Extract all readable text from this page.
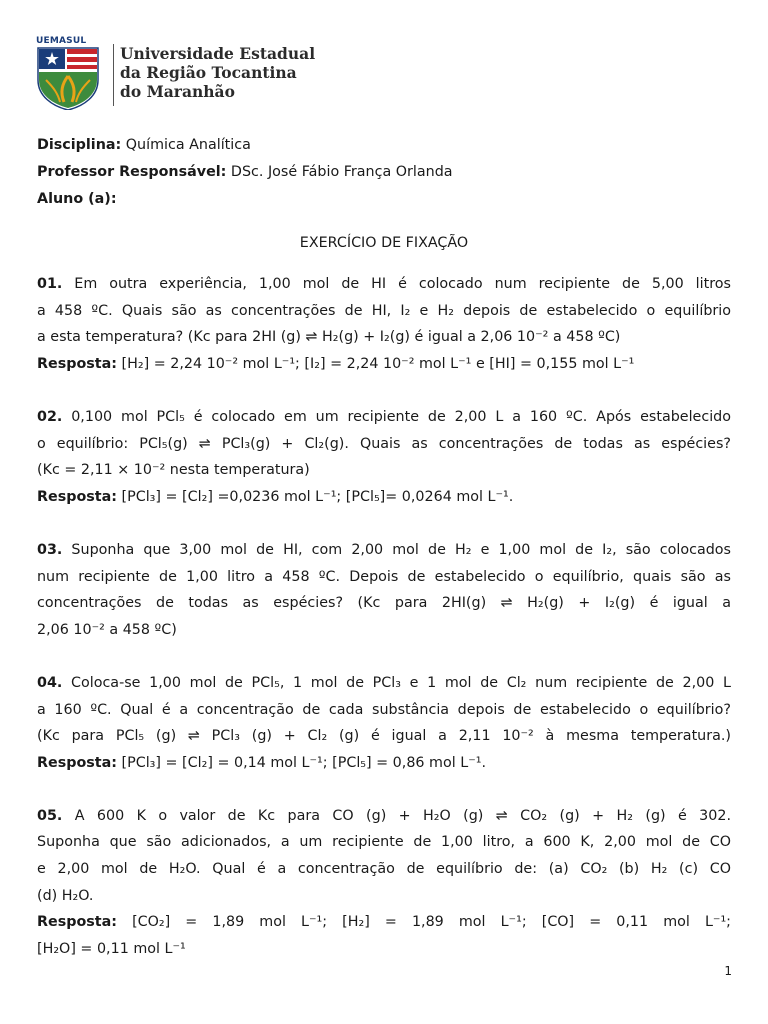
UEMASUL
Universidade Estadual
da Região Tocantina
do Maranhão
Disciplina: Química Analítica
Professor Responsável: DSc. José Fábio França Orlanda
Aluno (a):
EXERCÍCIO DE FIXAÇÃO
01. Em outra experiência, 1,00 mol de HI é colocado num recipiente de 5,00 litros
a 458 ºC. Quais são as concentrações de HI, I₂ e H₂ depois de estabelecido o equilíbrio
a esta temperatura? (Kc para 2HI (g) ⇌ H₂(g) + I₂(g) é igual a 2,06 10⁻² a 458 ºC)
Resposta: [H₂] = 2,24 10⁻² mol L⁻¹; [I₂] = 2,24 10⁻² mol L⁻¹ e [HI] = 0,155 mol L⁻¹
02. 0,100 mol PCl₅ é colocado em um recipiente de 2,00 L a 160 ºC. Após estabelecido
o equilíbrio: PCl₅(g) ⇌ PCl₃(g) + Cl₂(g). Quais as concentrações de todas as espécies?
(Kc = 2,11 × 10⁻² nesta temperatura)
Resposta: [PCl₃] = [Cl₂] =0,0236 mol L⁻¹; [PCl₅]= 0,0264 mol L⁻¹.
03. Suponha que 3,00 mol de HI, com 2,00 mol de H₂ e 1,00 mol de I₂, são colocados
num recipiente de 1,00 litro a 458 ºC. Depois de estabelecido o equilíbrio, quais são as
concentrações de todas as espécies? (Kc para 2HI(g) ⇌ H₂(g) + I₂(g) é igual a
2,06 10⁻² a 458 ºC)
04. Coloca-se 1,00 mol de PCl₅, 1 mol de PCl₃ e 1 mol de Cl₂ num recipiente de 2,00 L
a 160 ºC. Qual é a concentração de cada substância depois de estabelecido o equilíbrio?
(Kc para PCl₅ (g) ⇌ PCl₃ (g) + Cl₂ (g) é igual a 2,11 10⁻² à mesma temperatura.)
Resposta: [PCl₃] = [Cl₂] = 0,14 mol L⁻¹; [PCl₅] = 0,86 mol L⁻¹.
05. A 600 K o valor de Kc para CO (g) + H₂O (g) ⇌ CO₂ (g) + H₂ (g) é 302.
Suponha que são adicionados, a um recipiente de 1,00 litro, a 600 K, 2,00 mol de CO
e 2,00 mol de H₂O. Qual é a concentração de equilíbrio de: (a) CO₂ (b) H₂ (c) CO
(d) H₂O.
Resposta: [CO₂] = 1,89 mol L⁻¹; [H₂] = 1,89 mol L⁻¹; [CO] = 0,11 mol L⁻¹;
[H₂O] = 0,11 mol L⁻¹
1
